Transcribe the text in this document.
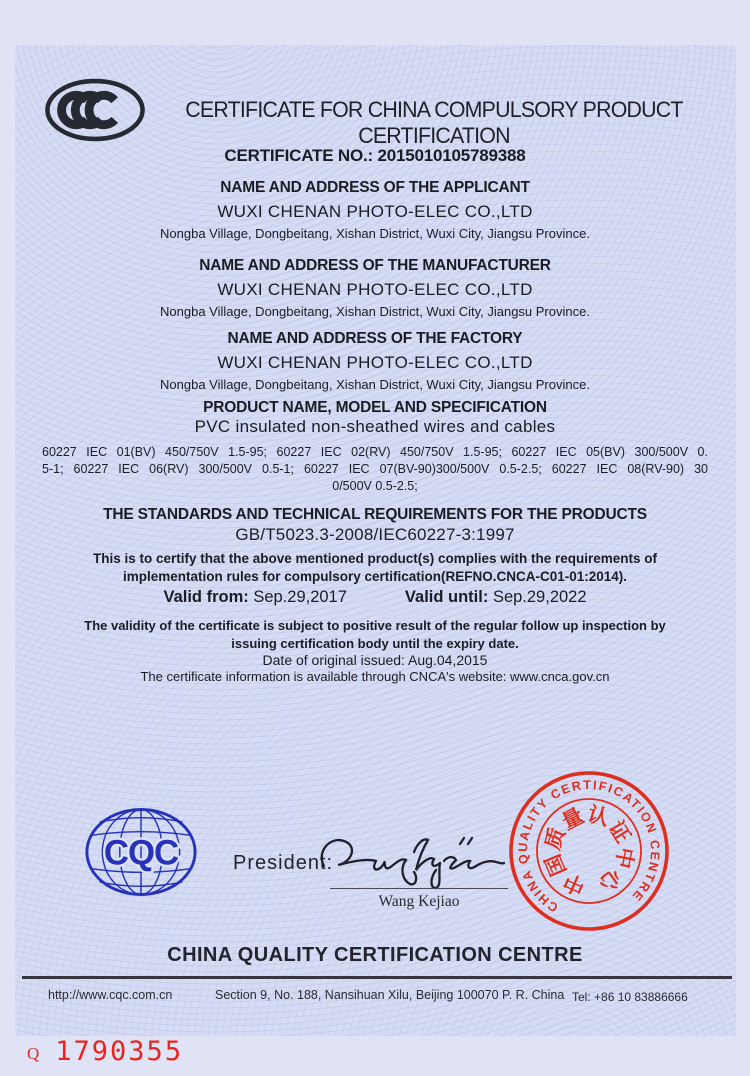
CERTIFICATE FOR CHINA COMPULSORY PRODUCT CERTIFICATION
CERTIFICATE NO.: 2015010105789388
NAME AND ADDRESS OF THE APPLICANT
WUXI CHENAN PHOTO-ELEC CO.,LTD
Nongba Village, Dongbeitang, Xishan District, Wuxi City, Jiangsu Province.
NAME AND ADDRESS OF THE MANUFACTURER
WUXI CHENAN PHOTO-ELEC CO.,LTD
Nongba Village, Dongbeitang, Xishan District, Wuxi City, Jiangsu Province.
NAME AND ADDRESS OF THE FACTORY
WUXI CHENAN PHOTO-ELEC CO.,LTD
Nongba Village, Dongbeitang, Xishan District, Wuxi City, Jiangsu Province.
PRODUCT NAME, MODEL AND SPECIFICATION
PVC insulated non-sheathed wires and cables
60227 IEC 01(BV) 450/750V 1.5-95; 60227 IEC 02(RV) 450/750V 1.5-95; 60227 IEC 05(BV) 300/500V 0.
5-1; 60227 IEC 06(RV) 300/500V 0.5-1; 60227 IEC 07(BV-90)300/500V 0.5-2.5; 60227 IEC 08(RV-90) 30
0/500V 0.5-2.5;
THE STANDARDS AND TECHNICAL REQUIREMENTS FOR THE PRODUCTS
GB/T5023.3-2008/IEC60227-3:1997
This is to certify that the above mentioned product(s) complies with the requirements of
implementation rules for compulsory certification(REFNO.CNCA-C01-01:2014).
Valid from: Sep.29,2017	Valid until: Sep.29,2022
The validity of the certificate is subject to positive result of the regular follow up inspection by
issuing certification body until the expiry date.
Date of original issued: Aug.04,2015
The certificate information is available through CNCA's website: www.cnca.gov.cn
CQC	President:
Wang Kejiao	CHINA QUALITY CERTIFICATION CENTRE
中
国
质
量
认
证
中
心
CHINA QUALITY CERTIFICATION CENTRE
http://www.cqc.com.cn	Section 9, No. 188, Nansihuan Xilu, Beijing 100070 P. R. China Tel: +86 10 83886666
Q 1790355
